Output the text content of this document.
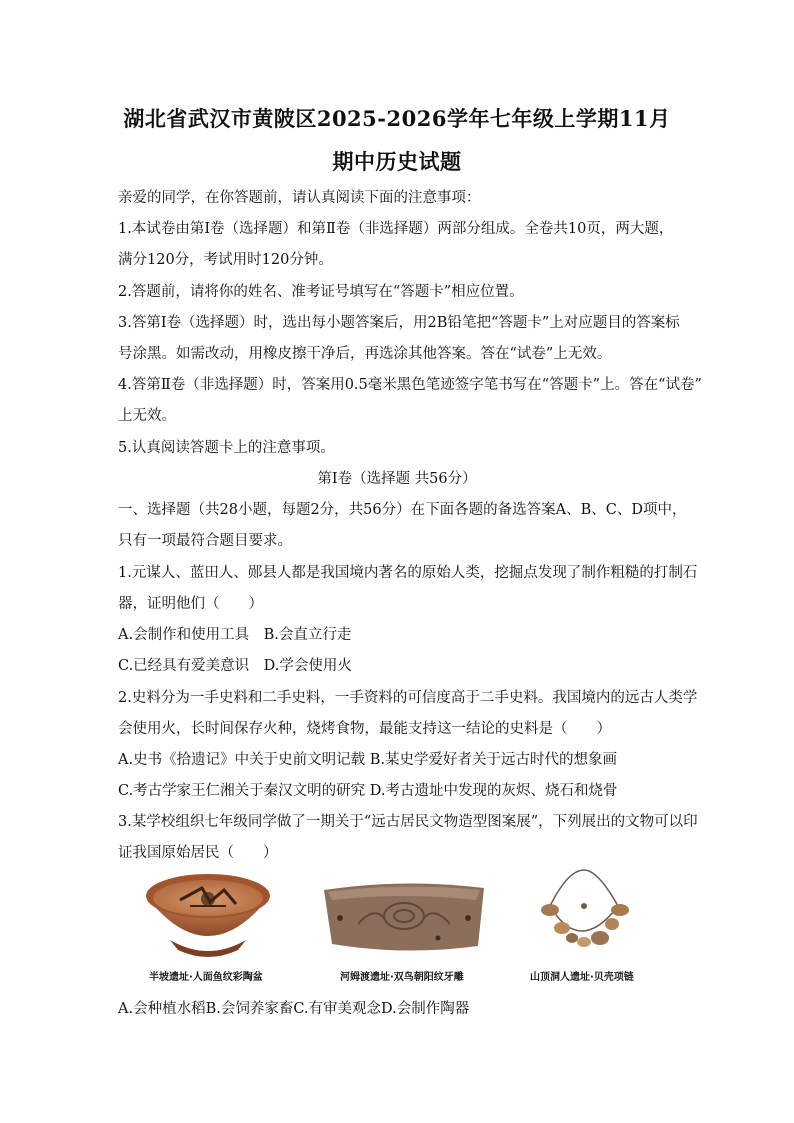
湖北省武汉市黄陂区2025-2026学年七年级上学期11月
期中历史试题
亲爱的同学，在你答题前，请认真阅读下面的注意事项：
1.本试卷由第Ⅰ卷（选择题）和第Ⅱ卷（非选择题）两部分组成。全卷共10页，两大题，
满分120分，考试用时120分钟。
2.答题前，请将你的姓名、准考证号填写在“答题卡”相应位置。
3.答第Ⅰ卷（选择题）时，选出每小题答案后，用2B铅笔把“答题卡”上对应题目的答案标
号涂黑。如需改动，用橡皮擦干净后，再选涂其他答案。答在“试卷”上无效。
4.答第Ⅱ卷（非选择题）时，答案用0.5毫米黑色笔迹签字笔书写在“答题卡”上。答在“试卷”
上无效。
5.认真阅读答题卡上的注意事项。
第Ⅰ卷（选择题 共56分）
一、选择题（共28小题，每题2分，共56分）在下面各题的备选答案A、B、C、D项中，
只有一项最符合题目要求。
1.元谋人、蓝田人、郧县人都是我国境内著名的原始人类，挖掘点发现了制作粗糙的打制石
器，证明他们（　　）
A.会制作和使用工具　B.会直立行走
C.已经具有爱美意识　D.学会使用火
2.史料分为一手史料和二手史料，一手资料的可信度高于二手史料。我国境内的远古人类学
会使用火，长时间保存火种，烧烤食物，最能支持这一结论的史料是（　　）
A.史书《拾遗记》中关于史前文明记载 B.某史学爱好者关于远古时代的想象画
C.考古学家王仁湘关于秦汉文明的研究 D.考古遗址中发现的灰烬、烧石和烧骨
3.某学校组织七年级同学做了一期关于“远古居民文物造型图案展”，下列展出的文物可以印
证我国原始居民（　　）
半坡遗址·人面鱼纹彩陶盆	河姆渡遗址·双鸟朝阳纹牙雕	山顶洞人遗址·贝壳项链
A.会种植水稻B.会饲养家畜C.有审美观念D.会制作陶器
